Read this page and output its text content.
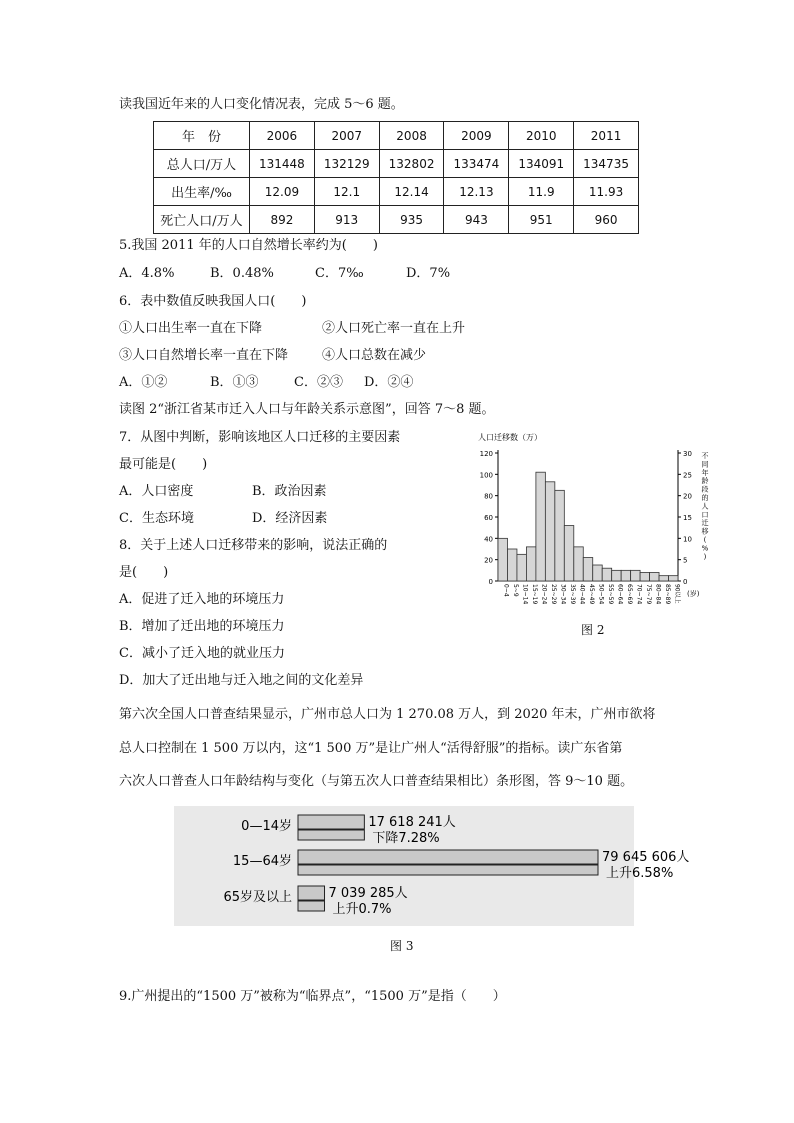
读我国近年来的人口变化情况表，完成 5～6 题。
年　份	2006	2007	2008	2009	2010	2011
总人口/万人	131448	132129	132802	133474	134091	134735
出生率/‰	12.09	12.1	12.14	12.13	11.9	11.93
死亡人口/万人	892	913	935	943	951	960
5.我国 2011 年的人口自然增长率约为(　　)
A．4.8%	B．0.48%	C．7‰	D．7%
6．表中数值反映我国人口(　　)
①人口出生率一直在下降	②人口死亡率一直在上升
③人口自然增长率一直在下降	④人口总数在减少
A．①②	B．①③	C．②③ D．②④
读图 2“浙江省某市迁入人口与年龄关系示意图”，回答 7～8 题。
7．从图中判断，影响该地区人口迁移的主要因素
最可能是(　　)
A．人口密度	B．政治因素
C．生态环境	D．经济因素
8．关于上述人口迁移带来的影响，说法正确的
是(　　)
A．促进了迁入地的环境压力
B．增加了迁出地的环境压力
C．减小了迁入地的就业压力
D．加大了迁出地与迁入地之间的文化差异
0
20
40
60
80
100
120
0
5
10
15
20
25
30
人口迁移数（万）
不同年龄段的人口迁移( % )
0~4 5~9 10~14 15~19 20~24 25~29 30~34 35~39 40~44 45~49 50~54 55~59 60~64 65~69 70~74 75~79 80~84 85~89 90以上 (岁)
图 2
第六次全国人口普查结果显示，广州市总人口为 1 270.08 万人，到 2020 年末，广州市欲将
总人口控制在 1 500 万以内，这“1 500 万”是让广州人“活得舒服”的指标。读广东省第
六次人口普查人口年龄结构与变化（与第五次人口普查结果相比）条形图，答 9～10 题。
0—14岁	17 618 241人
下降7.28%
15—64岁	79 645 606人
上升6.58%
65岁及以上	7 039 285人
上升0.7%
图 3
9.广州提出的“1500 万”被称为“临界点”，“1500 万”是指（　　）
